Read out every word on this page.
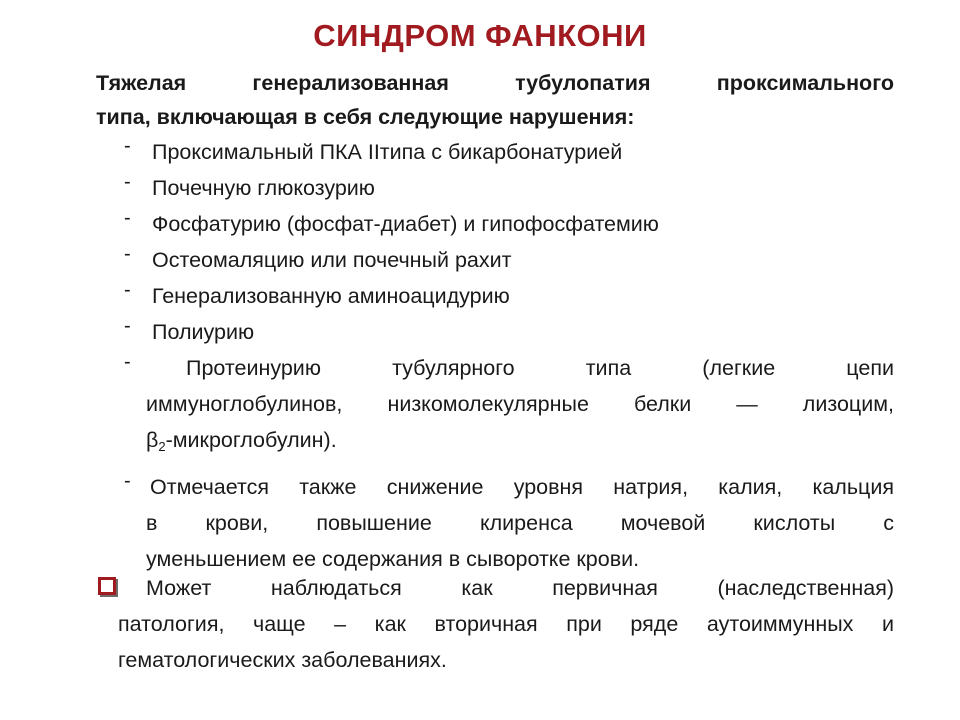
СИНДРОМ ФАНКОНИ
Тяжелая генерализованная тубулопатия проксимального
типа, включающая в себя следующие нарушения:
- Проксимальный ПКА IIтипа с бикарбонатурией
- Почечную глюкозурию
- Фосфатурию (фосфат-диабет) и гипофосфатемию
- Остеомаляцию или почечный рахит
- Генерализованную аминоацидурию
- Полиурию
-	Протеинурию тубулярного типа (легкие цепи
иммуноглобулинов, низкомолекулярные белки — лизоцим,
$\beta_2-микроглобулин$).
- Отмечается также снижение уровня натрия, калия, кальция
в крови, повышение клиренса мочевой кислоты с
уменьшением ее содержания в сыворотке крови.
Может наблюдаться как первичная (наследственная)
патология, чаще – как вторичная при ряде аутоиммунных и
гематологических заболеваниях.
